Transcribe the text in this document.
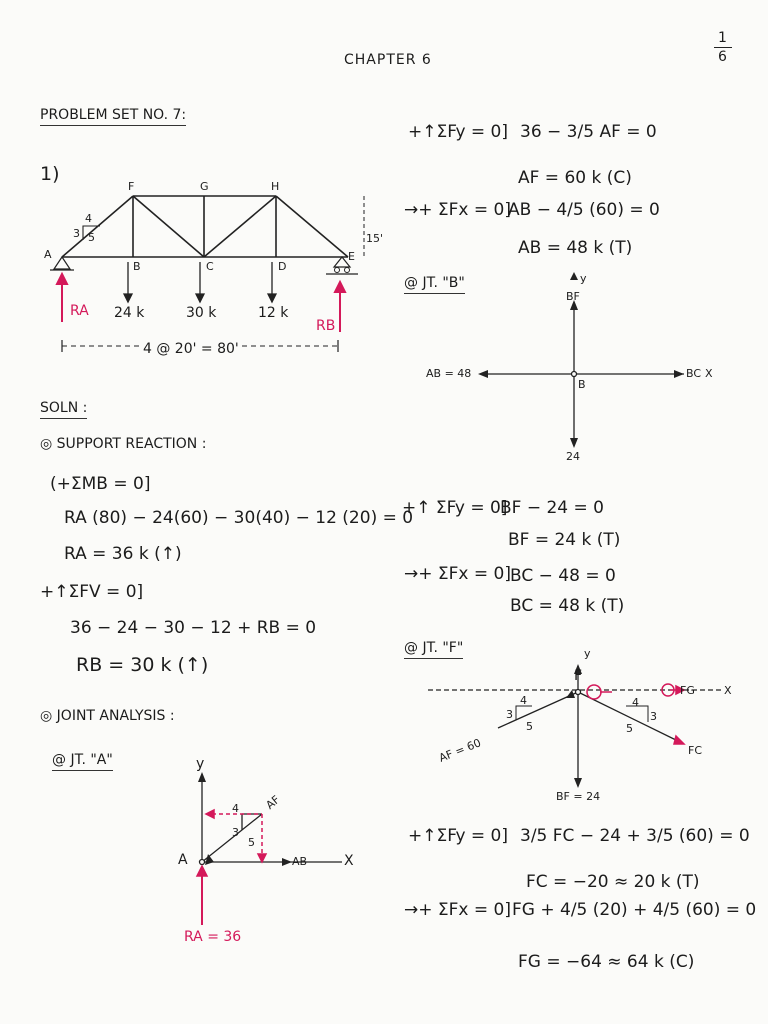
1
6
CHAPTER 6
PROBLEM SET NO. 7:
1)
F	G	H
A
B	C	D
E
4
3 5	15'
24 k	30 k	12 k
RA
RB
4 @ 20' = 80'
SOLN :
◎ SUPPORT REACTION :
(+ΣMB = 0]
RA (80) − 24(60) − 30(40) − 12 (20) = 0
RA = 36 k (↑)
+↑ΣFV = 0]
36 − 24 − 30 − 12 + RB = 0
RB = 30 k (↑)
◎ JOINT ANALYSIS :
@ JT. "A"	y
X
A	AB
AF
4
3
5
RA = 36
+↑ΣFy = 0] 36 − 3/5 AF = 0
AF = 60 k (C)
→+ ΣFx = 0]
AB − 4/5 (60) = 0
AB = 48 k (T)
@ JT. "B"	y
BF
AB = 48	BC X
B
24
+↑ ΣFy = 0]
BF − 24 = 0
BF = 24 k (T)
→+ ΣFx = 0] BC − 48 = 0
BC = 48 k (T)
@ JT. "F"	y
F
FG	X
FC
AF = 60
BF = 24
4
3
5
4
3
5
+↑ΣFy = 0] 3/5 FC − 24 + 3/5 (60) = 0
FC = −20 ≈ 20 k (T)
→+ ΣFx = 0] FG + 4/5 (20) + 4/5 (60) = 0
FG = −64 ≈ 64 k (C)
